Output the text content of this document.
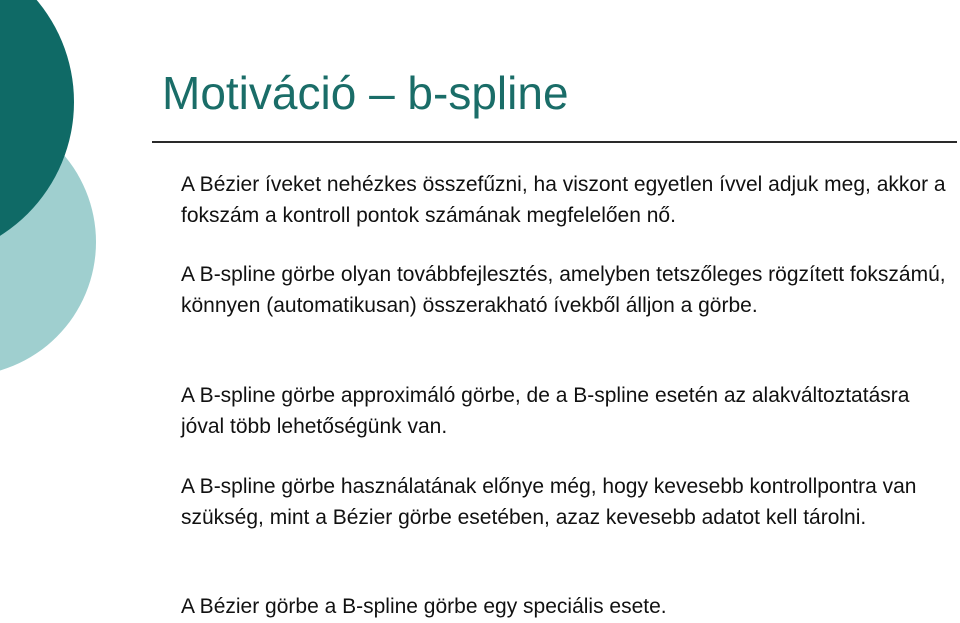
Motiváció – b-spline

A Bézier íveket nehézkes összefűzni, ha viszont egyetlen ívvel adjuk meg, akkor a fokszám a kontroll pontok számának megfelelően nő.

A B-spline görbe olyan továbbfejlesztés, amelyben tetszőleges rögzített fokszámú, könnyen (automatikusan) összerakható ívekből álljon a görbe.

A B-spline görbe approximáló görbe, de a B-spline esetén az alakváltoztatásra jóval több lehetőségünk van.

A B-spline görbe használatának előnye még, hogy kevesebb kontrollpontra van szükség, mint a Bézier görbe esetében, azaz kevesebb adatot kell tárolni.

A Bézier görbe a B-spline görbe egy speciális esete.
